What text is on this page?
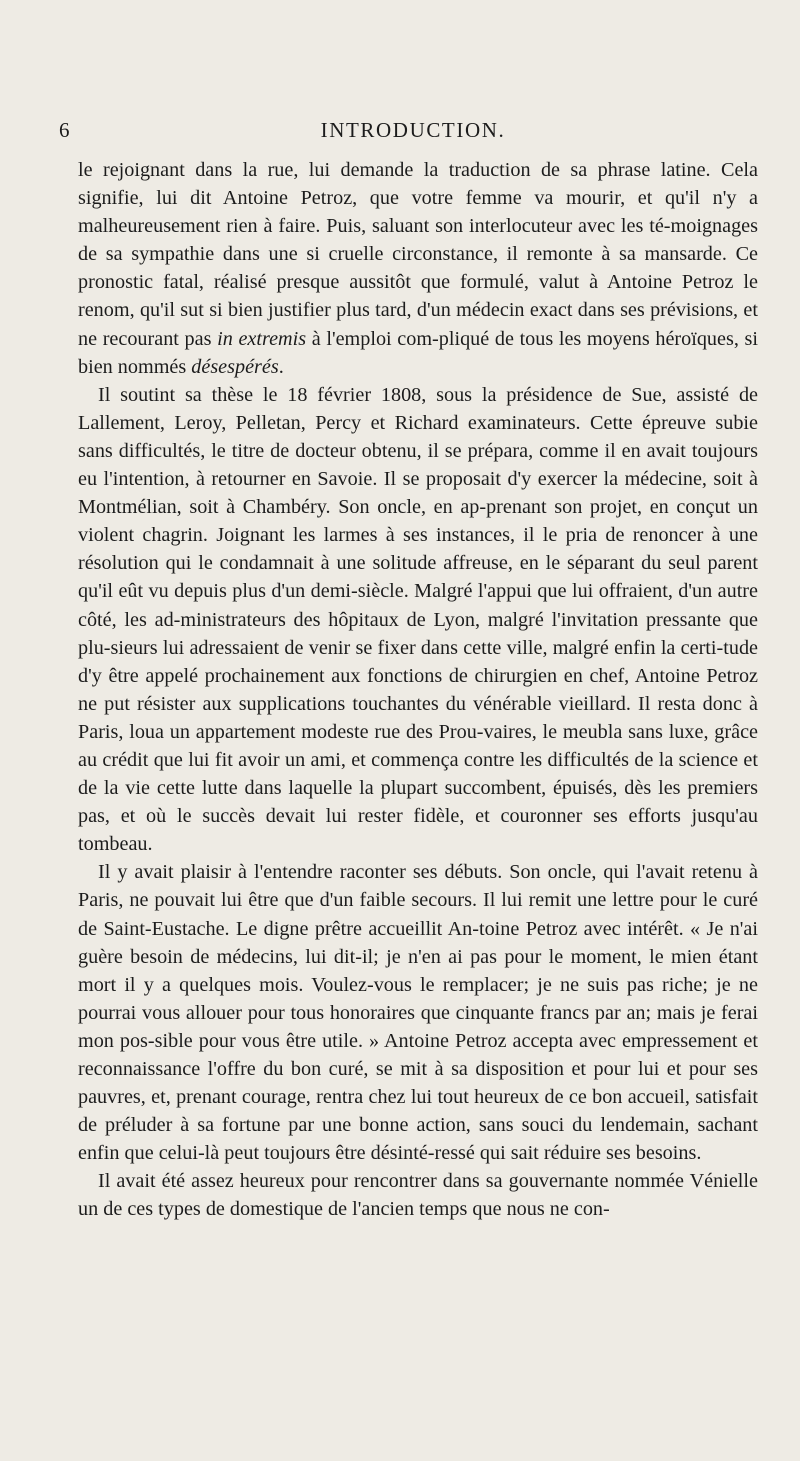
6	INTRODUCTION.

le rejoignant dans la rue, lui demande la traduction de sa phrase latine. Cela signifie, lui dit Antoine Petroz, que votre femme va mourir, et qu'il n'y a malheureusement rien à faire. Puis, saluant son interlocuteur avec les té-moignages de sa sympathie dans une si cruelle circonstance, il remonte à sa mansarde. Ce pronostic fatal, réalisé presque aussitôt que formulé, valut à Antoine Petroz le renom, qu'il sut si bien justifier plus tard, d'un médecin exact dans ses prévisions, et ne recourant pas in extremis à l'emploi com-pliqué de tous les moyens héroïques, si bien nommés désespérés.

Il soutint sa thèse le 18 février 1808, sous la présidence de Sue, assisté de Lallement, Leroy, Pelletan, Percy et Richard examinateurs. Cette épreuve subie sans difficultés, le titre de docteur obtenu, il se prépara, comme il en avait toujours eu l'intention, à retourner en Savoie. Il se proposait d'y exercer la médecine, soit à Montmélian, soit à Chambéry. Son oncle, en ap-prenant son projet, en conçut un violent chagrin. Joignant les larmes à ses instances, il le pria de renoncer à une résolution qui le condamnait à une solitude affreuse, en le séparant du seul parent qu'il eût vu depuis plus d'un demi-siècle. Malgré l'appui que lui offraient, d'un autre côté, les ad-ministrateurs des hôpitaux de Lyon, malgré l'invitation pressante que plu-sieurs lui adressaient de venir se fixer dans cette ville, malgré enfin la certi-tude d'y être appelé prochainement aux fonctions de chirurgien en chef, Antoine Petroz ne put résister aux supplications touchantes du vénérable vieillard. Il resta donc à Paris, loua un appartement modeste rue des Prou-vaires, le meubla sans luxe, grâce au crédit que lui fit avoir un ami, et commença contre les difficultés de la science et de la vie cette lutte dans laquelle la plupart succombent, épuisés, dès les premiers pas, et où le succès devait lui rester fidèle, et couronner ses efforts jusqu'au tombeau.

Il y avait plaisir à l'entendre raconter ses débuts. Son oncle, qui l'avait retenu à Paris, ne pouvait lui être que d'un faible secours. Il lui remit une lettre pour le curé de Saint-Eustache. Le digne prêtre accueillit An-toine Petroz avec intérêt. « Je n'ai guère besoin de médecins, lui dit-il; je n'en ai pas pour le moment, le mien étant mort il y a quelques mois. Voulez-vous le remplacer; je ne suis pas riche; je ne pourrai vous allouer pour tous honoraires que cinquante francs par an; mais je ferai mon pos-sible pour vous être utile. » Antoine Petroz accepta avec empressement et reconnaissance l'offre du bon curé, se mit à sa disposition et pour lui et pour ses pauvres, et, prenant courage, rentra chez lui tout heureux de ce bon accueil, satisfait de préluder à sa fortune par une bonne action, sans souci du lendemain, sachant enfin que celui-là peut toujours être désinté-ressé qui sait réduire ses besoins.

Il avait été assez heureux pour rencontrer dans sa gouvernante nommée Vénielle un de ces types de domestique de l'ancien temps que nous ne con-
